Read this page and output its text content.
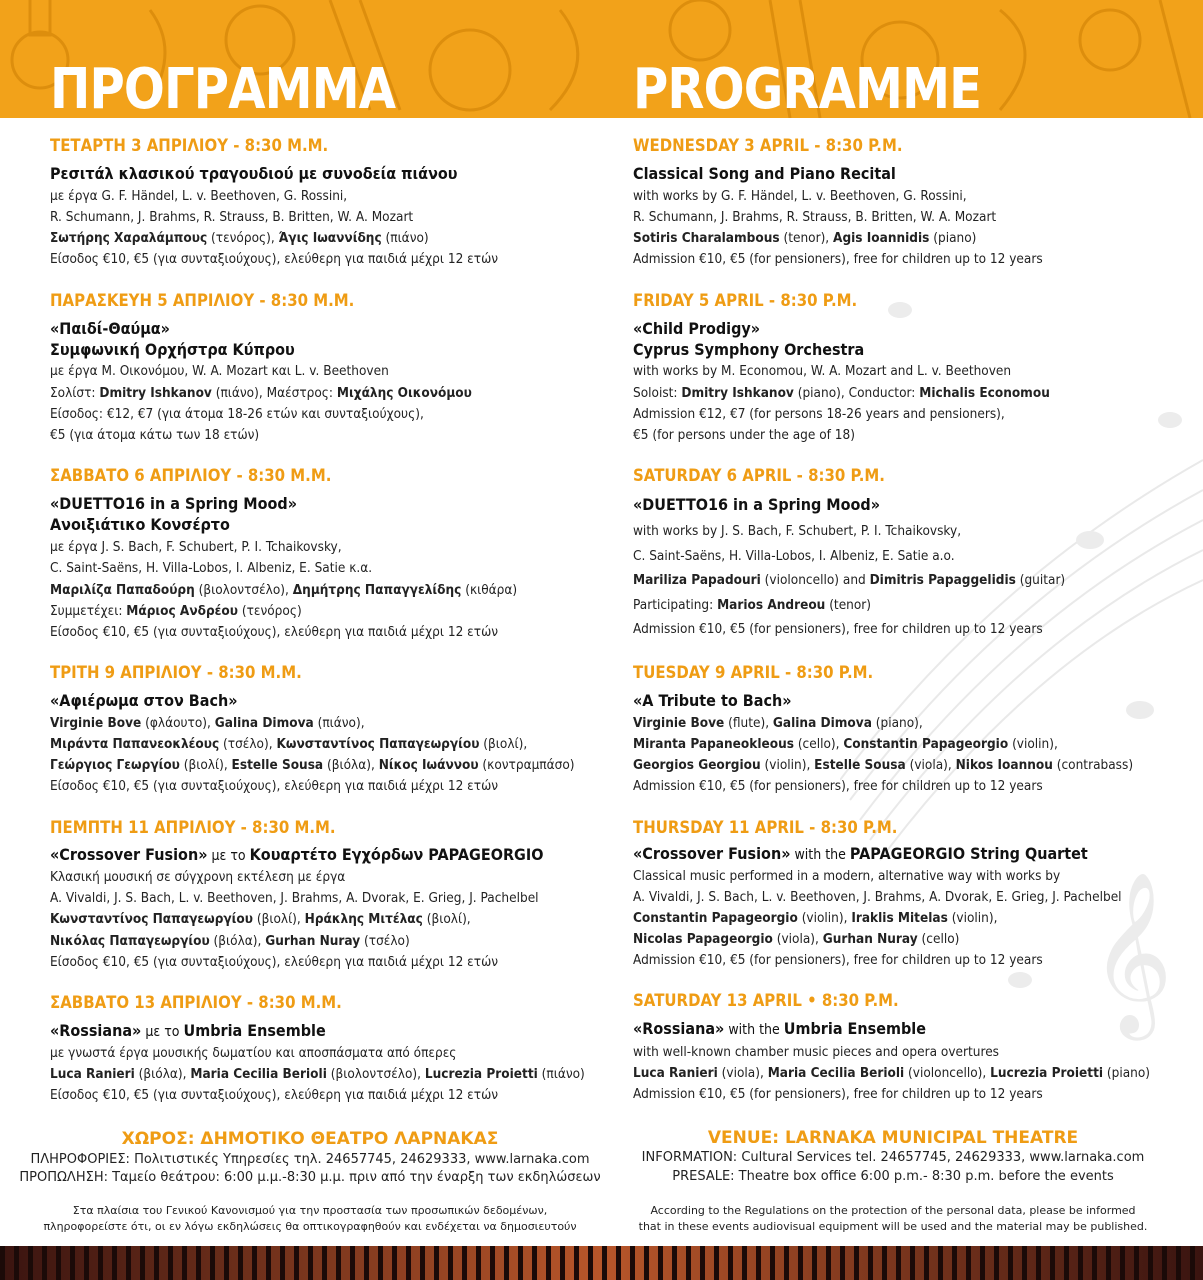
ΠΡΟΓΡΑΜΜΑ	PROGRAMME
𝄞
ΤΕΤΑΡΤΗ 3 ΑΠΡΙΛΙΟΥ - 8:30 Μ.Μ.
Ρεσιτάλ κλασικού τραγουδιού με συνοδεία πιάνου
με έργα G. F. Händel, L. v. Beethoven, G. Rossini,
R. Schumann, J. Brahms, R. Strauss, B. Britten, W. A. Mozart
Σωτήρης Χαραλάμπους (τενόρος), Άγις Ιωαννίδης (πιάνο)
Είσοδος €10, €5 (για συνταξιούχους), ελεύθερη για παιδιά μέχρι 12 ετών
ΠΑΡΑΣΚΕΥΗ 5 ΑΠΡΙΛΙΟΥ - 8:30 Μ.Μ.
«Παιδί-Θαύμα»
Συμφωνική Ορχήστρα Κύπρου
με έργα Μ. Οικονόμου, W. A. Mozart και L. v. Beethoven
Σολίστ: Dmitry Ishkanov (πιάνο), Μαέστρος: Μιχάλης Οικονόμου
Είσοδος: €12, €7 (για άτομα 18-26 ετών και συνταξιούχους),
€5 (για άτομα κάτω των 18 ετών)
ΣΑΒΒΑΤΟ 6 ΑΠΡΙΛΙΟΥ - 8:30 Μ.Μ.
«DUETTO16 in a Spring Mood»
Ανοιξιάτικο Κονσέρτο
με έργα J. S. Bach, F. Schubert, P. I. Tchaikovsky,
C. Saint-Saëns, H. Villa-Lobos, I. Albeniz, E. Satie κ.α.
Μαριλίζα Παπαδούρη (βιολοντσέλο), Δημήτρης Παπαγγελίδης (κιθάρα)
Συμμετέχει: Μάριος Ανδρέου (τενόρος)
Είσοδος €10, €5 (για συνταξιούχους), ελεύθερη για παιδιά μέχρι 12 ετών
ΤΡΙΤΗ 9 ΑΠΡΙΛΙΟΥ - 8:30 Μ.Μ.
«Αφιέρωμα στον Bach»
Virginie Bove (φλάουτο), Galina Dimova (πιάνο),
Μιράντα Παπανεοκλέους (τσέλο), Κωνσταντίνος Παπαγεωργίου (βιολί),
Γεώργιος Γεωργίου (βιολί), Estelle Sousa (βιόλα), Νίκος Ιωάννου (κοντραμπάσο)
Είσοδος €10, €5 (για συνταξιούχους), ελεύθερη για παιδιά μέχρι 12 ετών
ΠΕΜΠΤΗ 11 ΑΠΡΙΛΙΟΥ - 8:30 Μ.Μ.
«Crossover Fusion» με το Κουαρτέτο Εγχόρδων PAPAGEORGIO
Κλασική μουσική σε σύγχρονη εκτέλεση με έργα
A. Vivaldi, J. S. Bach, L. v. Beethoven, J. Brahms, A. Dvorak, E. Grieg, J. Pachelbel
Κωνσταντίνος Παπαγεωργίου (βιολί), Ηράκλης Μιτέλας (βιολί),
Νικόλας Παπαγεωργίου (βιόλα), Gurhan Nuray (τσέλο)
Είσοδος €10, €5 (για συνταξιούχους), ελεύθερη για παιδιά μέχρι 12 ετών
ΣΑΒΒΑΤΟ 13 ΑΠΡΙΛΙΟΥ - 8:30 Μ.Μ.
«Rossiana» με το Umbria Ensemble
με γνωστά έργα μουσικής δωματίου και αποσπάσματα από όπερες
Luca Ranieri (βιόλα), Maria Cecilia Berioli (βιολοντσέλο), Lucrezia Proietti (πιάνο)
Είσοδος €10, €5 (για συνταξιούχους), ελεύθερη για παιδιά μέχρι 12 ετών
ΧΩΡΟΣ: ΔΗΜΟΤΙΚΟ ΘΕΑΤΡΟ ΛΑΡΝΑΚΑΣ
ΠΛΗΡΟΦΟΡΙΕΣ: Πολιτιστικές Υπηρεσίες τηλ. 24657745, 24629333, www.larnaka.com
ΠΡΟΠΩΛΗΣΗ: Ταμείο θεάτρου: 6:00 μ.μ.-8:30 μ.μ. πριν από την έναρξη των εκδηλώσεων
Στα πλαίσια του Γενικού Κανονισμού για την προστασία των προσωπικών δεδομένων,
πληροφορείστε ότι, οι εν λόγω εκδηλώσεις θα οπτικογραφηθούν και ενδέχεται να δημοσιευτούν
WEDNESDAY 3 APRIL - 8:30 P.M.
Classical Song and Piano Recital
with works by G. F. Händel, L. v. Beethoven, G. Rossini,
R. Schumann, J. Brahms, R. Strauss, B. Britten, W. A. Mozart
Sotiris Charalambous (tenor), Agis Ioannidis (piano)
Admission €10, €5 (for pensioners), free for children up to 12 years
FRIDAY 5 APRIL - 8:30 P.M.
«Child Prodigy»
Cyprus Symphony Orchestra
with works by M. Economou, W. A. Mozart and L. v. Beethoven
Soloist: Dmitry Ishkanov (piano), Conductor: Michalis Economou
Admission €12, €7 (for persons 18-26 years and pensioners),
€5 (for persons under the age of 18)
SATURDAY 6 APRIL - 8:30 P.M.
«DUETTO16 in a Spring Mood»
with works by J. S. Bach, F. Schubert, P. I. Tchaikovsky,
C. Saint-Saëns, H. Villa-Lobos, I. Albeniz, E. Satie a.o.
Mariliza Papadouri (violoncello) and Dimitris Papaggelidis (guitar)
Participating: Marios Andreou (tenor)
Admission €10, €5 (for pensioners), free for children up to 12 years
TUESDAY 9 APRIL - 8:30 P.M.
«A Tribute to Bach»
Virginie Bove (flute), Galina Dimova (piano),
Miranta Papaneokleous (cello), Constantin Papageorgio (violin),
Georgios Georgiou (violin), Estelle Sousa (viola), Nikos Ioannou (contrabass)
Admission €10, €5 (for pensioners), free for children up to 12 years
THURSDAY 11 APRIL - 8:30 P.M.
«Crossover Fusion» with the PAPAGEORGIO String Quartet
Classical music performed in a modern, alternative way with works by
A. Vivaldi, J. S. Bach, L. v. Beethoven, J. Brahms, A. Dvorak, E. Grieg, J. Pachelbel
Constantin Papageorgio (violin), Iraklis Mitelas (violin),
Nicolas Papageorgio (viola), Gurhan Nuray (cello)
Admission €10, €5 (for pensioners), free for children up to 12 years
SATURDAY 13 APRIL • 8:30 P.M.
«Rossiana» with the Umbria Ensemble
with well-known chamber music pieces and opera overtures
Luca Ranieri (viola), Maria Cecilia Berioli (violoncello), Lucrezia Proietti (piano)
Admission €10, €5 (for pensioners), free for children up to 12 years
VENUE: LARNAKA MUNICIPAL THEATRE
INFORMATION: Cultural Services tel. 24657745, 24629333, www.larnaka.com
PRESALE: Theatre box office 6:00 p.m.- 8:30 p.m. before the events
According to the Regulations on the protection of the personal data, please be informed
that in these events audiovisual equipment will be used and the material may be published.
